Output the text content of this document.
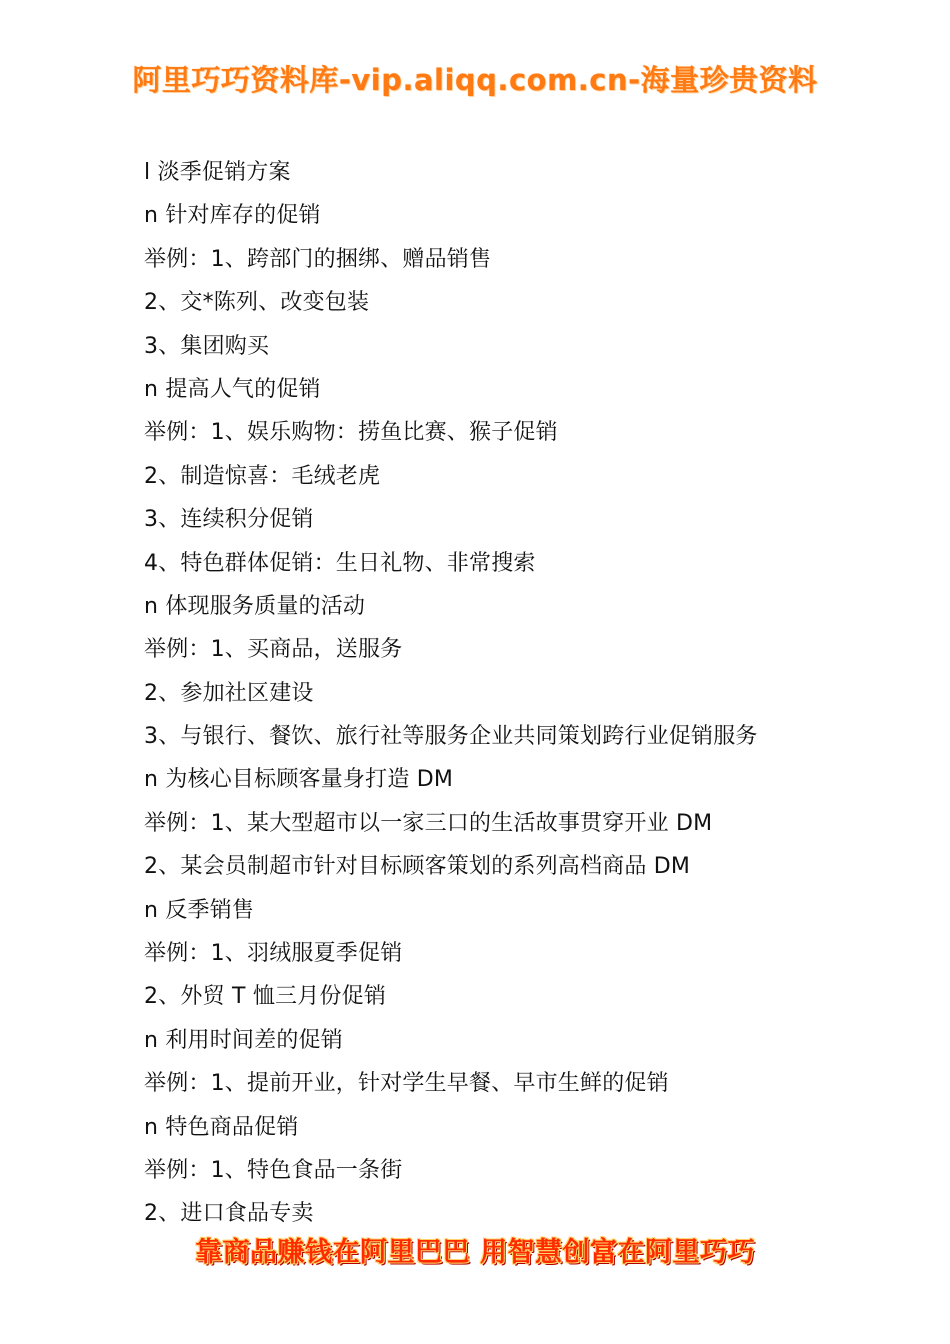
阿里巧巧资料库-vip.aliqq.com.cn-海量珍贵资料
l 淡季促销方案
n 针对库存的促销
举例：1、跨部门的捆绑、赠品销售
2、交*陈列、改变包装
3、集团购买
n 提高人气的促销
举例：1、娱乐购物：捞鱼比赛、猴子促销
2、制造惊喜：毛绒老虎
3、连续积分促销
4、特色群体促销：生日礼物、非常搜索
n 体现服务质量的活动
举例：1、买商品，送服务
2、参加社区建设
3、与银行、餐饮、旅行社等服务企业共同策划跨行业促销服务
n 为核心目标顾客量身打造 DM
举例：1、某大型超市以一家三口的生活故事贯穿开业 DM
2、某会员制超市针对目标顾客策划的系列高档商品 DM
n 反季销售
举例：1、羽绒服夏季促销
2、外贸 T 恤三月份促销
n 利用时间差的促销
举例：1、提前开业，针对学生早餐、早市生鲜的促销
n 特色商品促销
举例：1、特色食品一条街
2、进口食品专卖
靠商品赚钱在阿里巴巴 用智慧创富在阿里巧巧
